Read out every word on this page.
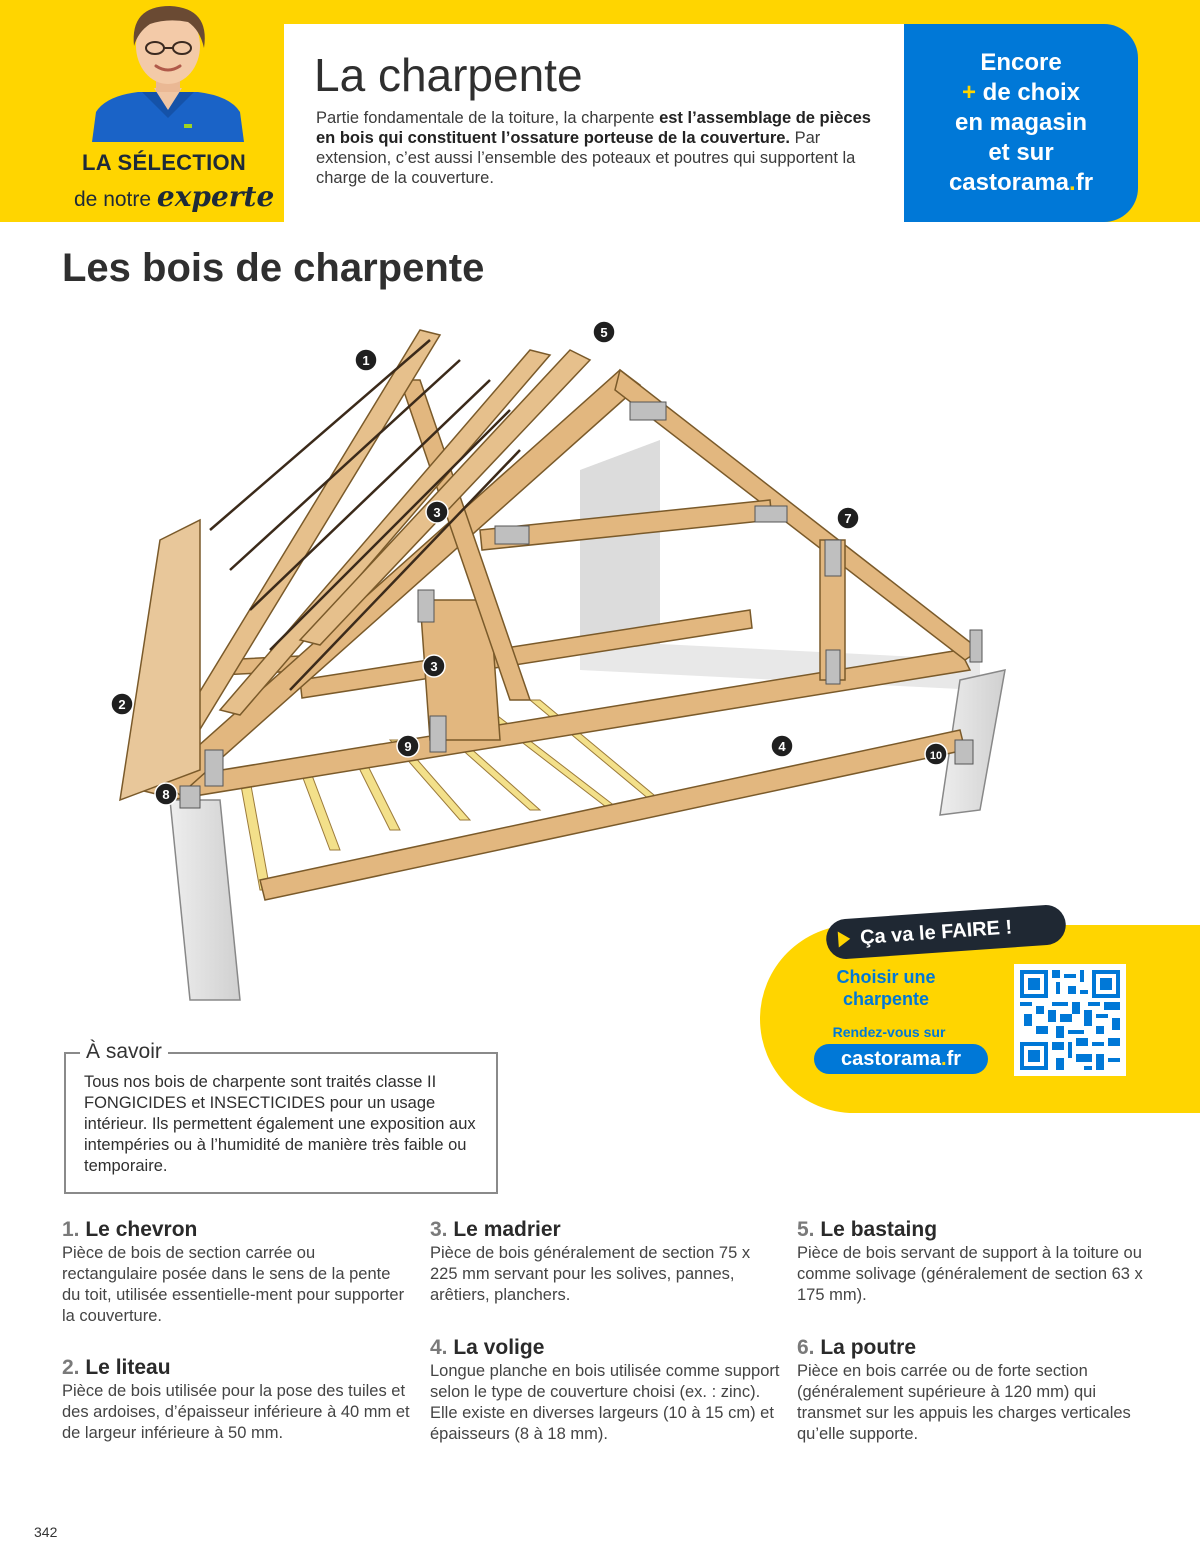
LA SÉLECTION
de notre experte
La charpente

Partie fondamentale de la toiture, la charpente est l’assemblage de pièces en bois qui constituent l’ossature porteuse de la couverture. Par extension, c’est aussi l’ensemble des poteaux et poutres qui supportent la charge de la couverture.

Encore
+ de choix
en magasin
et sur
castorama.fr
Les bois de charpente
1
2
3
3
4
5
7
8
9
10
Ça va le FAIRE !
Choisir une charpente
Rendez-vous sur
castorama.fr
À savoir

Tous nos bois de charpente sont traités classe II FONGICIDES et INSECTICIDES pour un usage intérieur. Ils permettent également une exposition aux intempéries ou à l’humidité de manière très faible ou temporaire.

1. Le chevron

Pièce de bois de section carrée ou rectangulaire posée dans le sens de la pente du toit, utilisée essentielle-ment pour supporter la couverture.

2. Le liteau

Pièce de bois utilisée pour la pose des tuiles et des ardoises, d’épaisseur inférieure à 40 mm et de largeur inférieure à 50 mm.

3. Le madrier

Pièce de bois généralement de section 75 x 225 mm servant pour les solives, pannes, arêtiers, planchers.

4. La volige

Longue planche en bois utilisée comme support selon le type de couverture choisi (ex. : zinc). Elle existe en diverses largeurs (10 à 15 cm) et épaisseurs (8 à 18 mm).

5. Le bastaing

Pièce de bois servant de support à la toiture ou comme solivage (généralement de section 63 x 175 mm).

6. La poutre

Pièce en bois carrée ou de forte section (généralement supérieure à 120 mm) qui transmet sur les appuis les charges verticales qu’elle supporte.

342
